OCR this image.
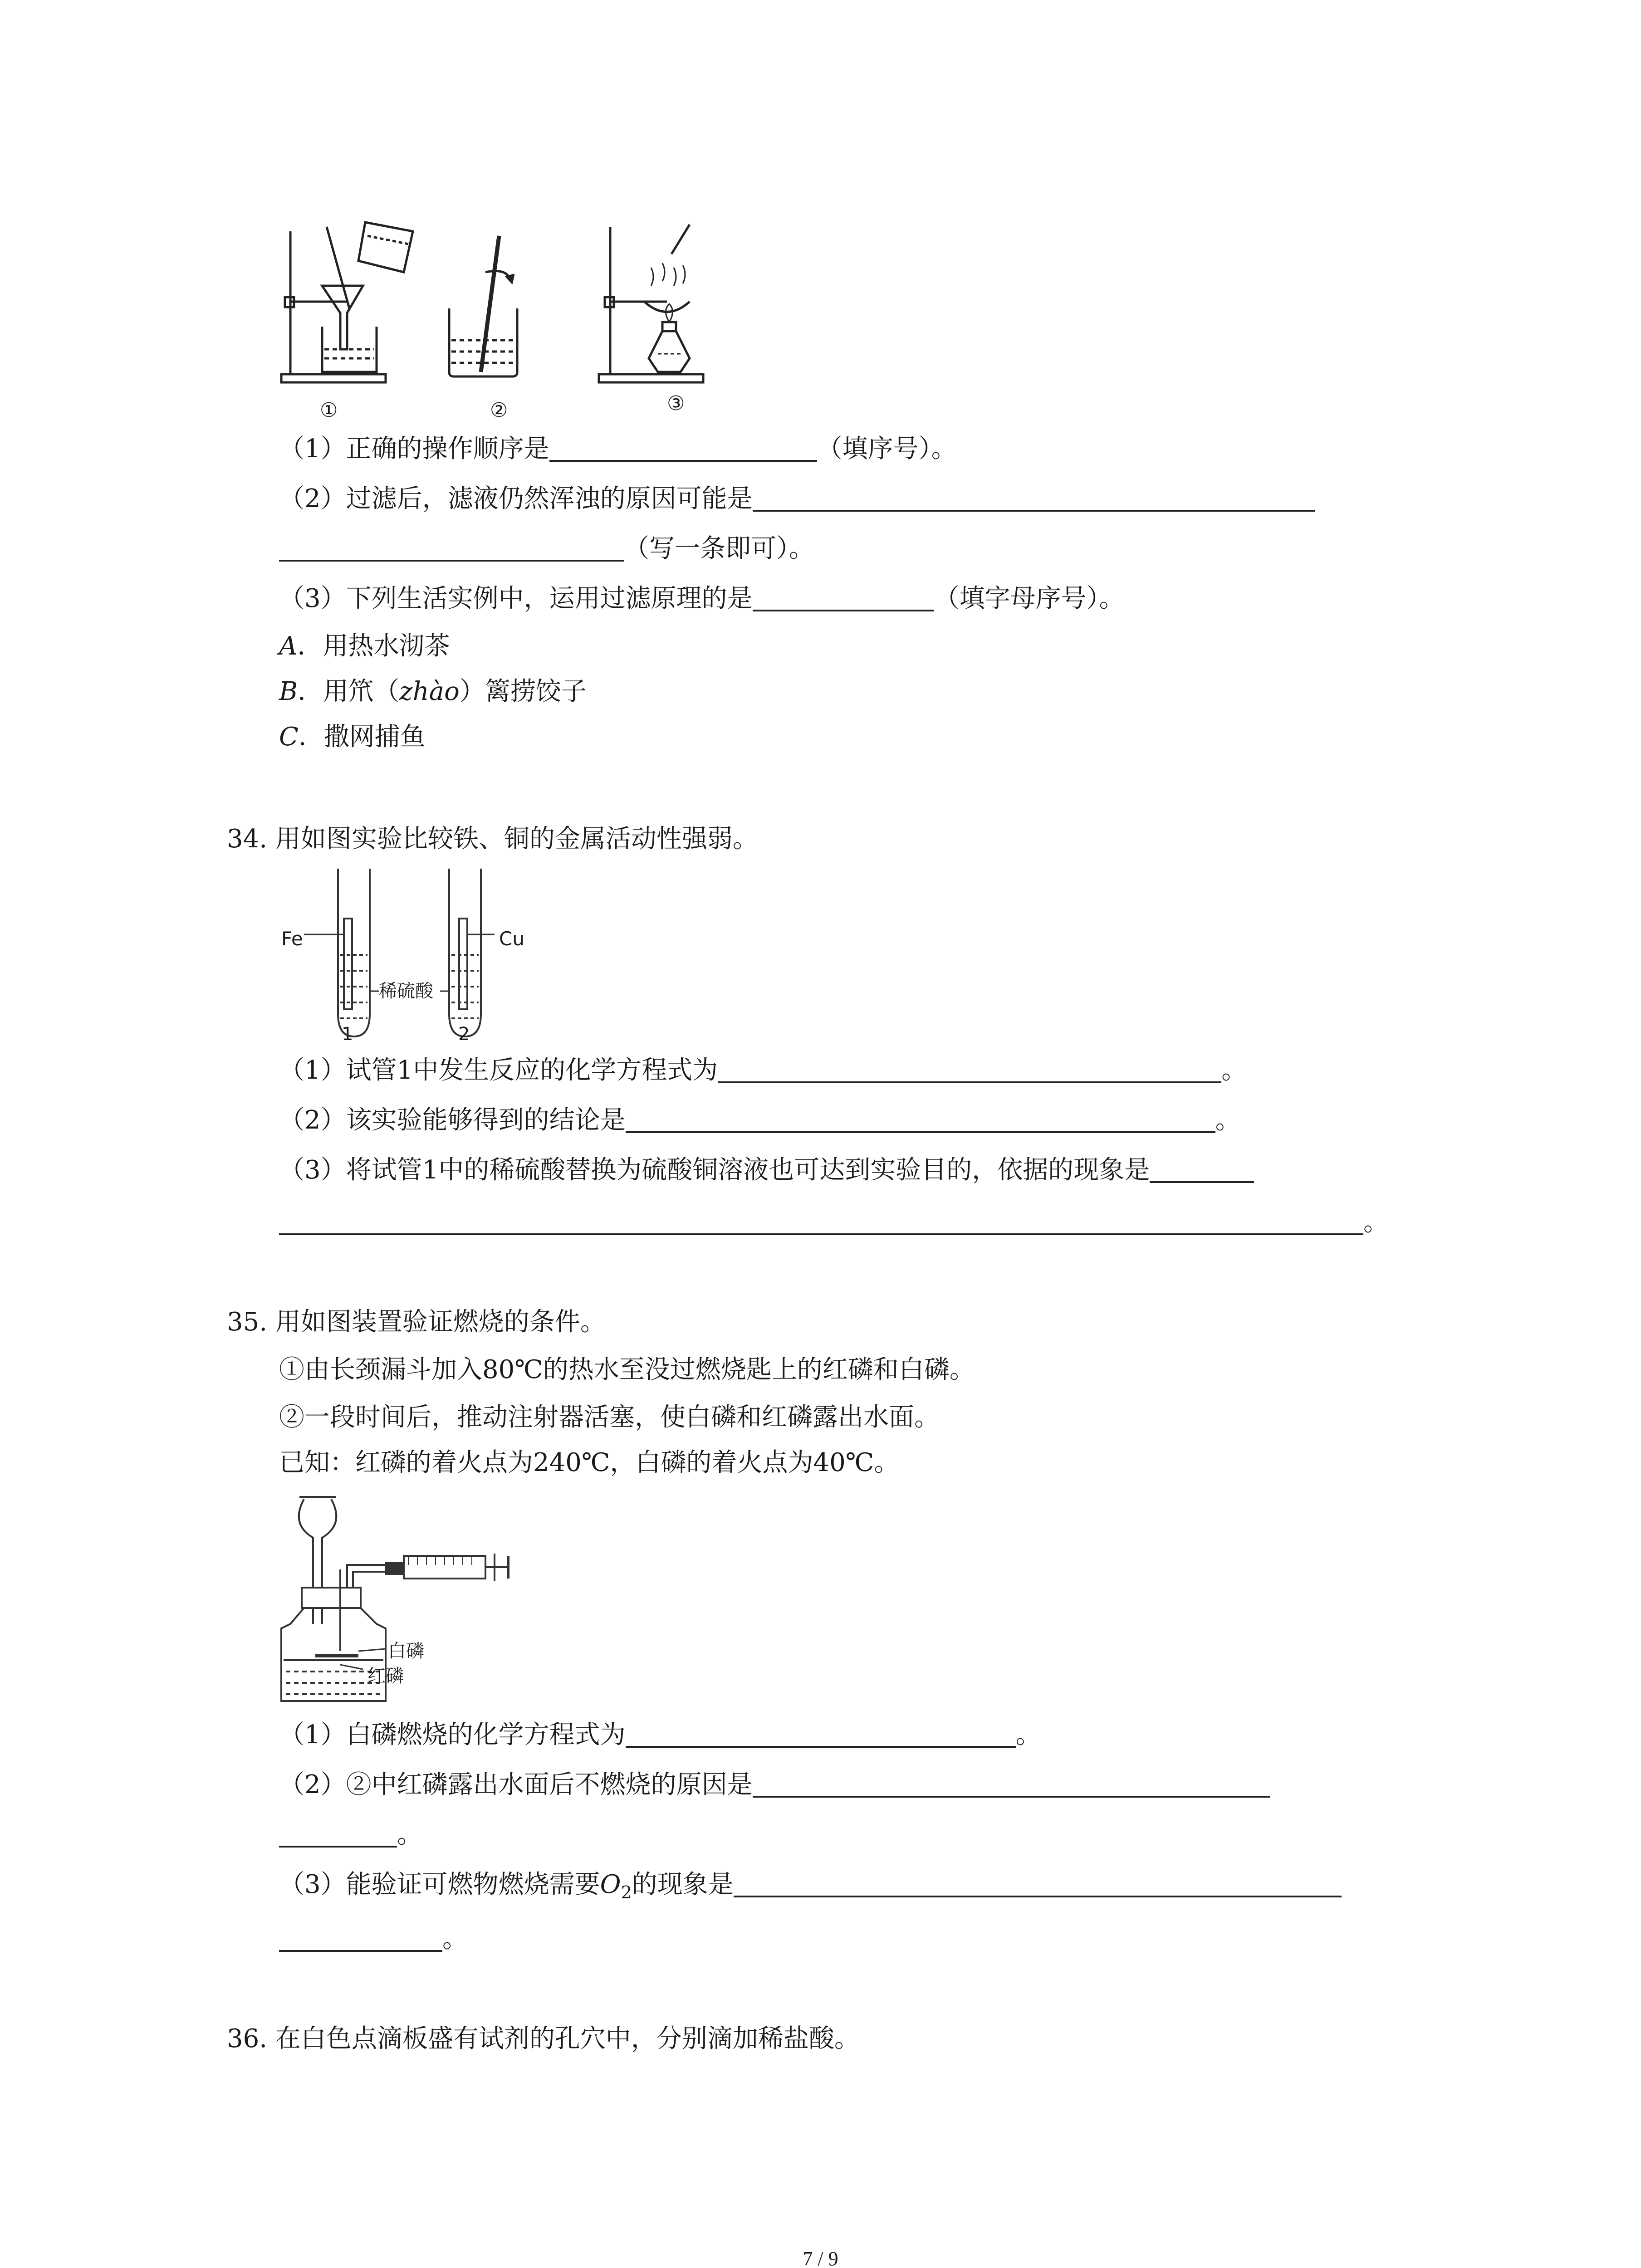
①	②	③
（1）正确的操作顺序是	（填序号）。
（2）过滤后，滤液仍然浑浊的原因可能是
（写一条即可）。
（3）下列生活实例中，运用过滤原理的是	（填字母序号）。
A．用热水沏茶
B．用笊（zhào）篱捞饺子
C．撒网捕鱼
34. 用如图实验比较铁、铜的金属活动性强弱。
Fe	Cu
稀硫酸
1	2
（1）试管1中发生反应的化学方程式为	。
（2）该实验能够得到的结论是	。
（3）将试管1中的稀硫酸替换为硫酸铜溶液也可达到实验目的，依据的现象是
。
35. 用如图装置验证燃烧的条件。
①由长颈漏斗加入80℃的热水至没过燃烧匙上的红磷和白磷。
②一段时间后，推动注射器活塞，使白磷和红磷露出水面。
已知：红磷的着火点为240℃，白磷的着火点为40℃。
白磷
红磷
（1）白磷燃烧的化学方程式为	。
（2）②中红磷露出水面后不燃烧的原因是
。
（3）能验证可燃物燃烧需要$O_2$的现象是
。
36. 在白色点滴板盛有试剂的孔穴中，分别滴加稀盐酸。
7 / 9
